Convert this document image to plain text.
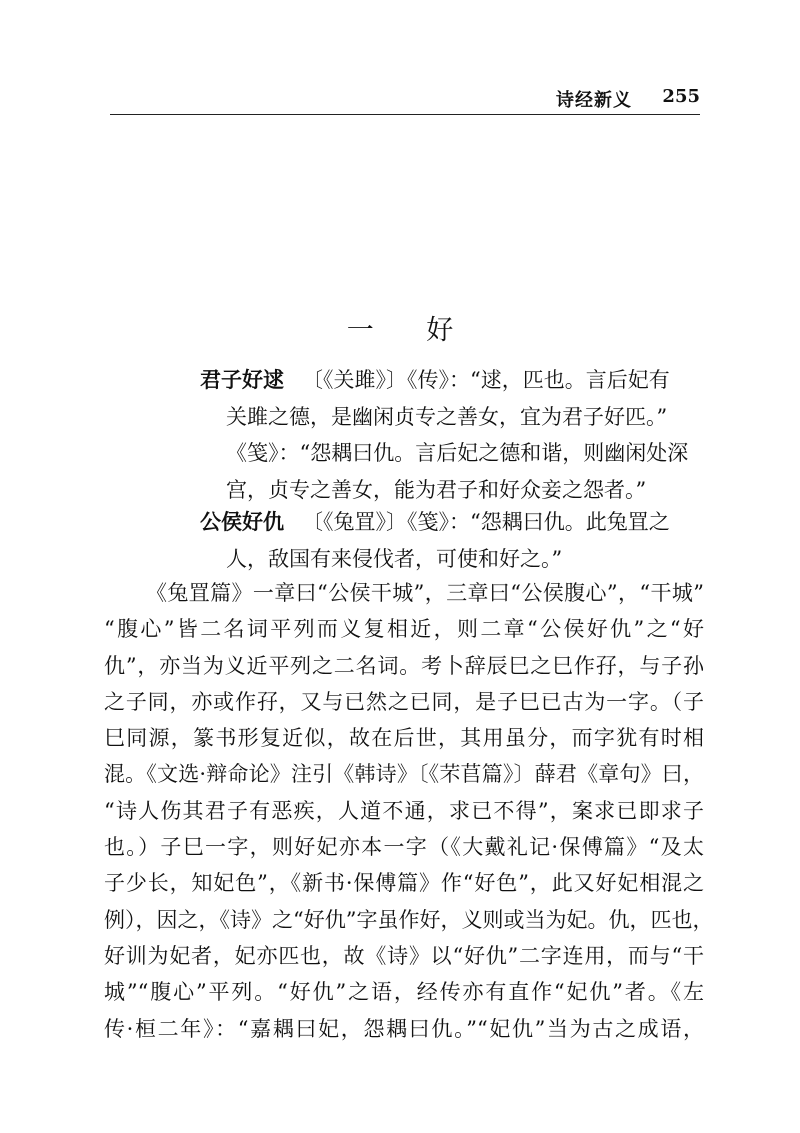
诗经新义 255
一 好
君子好逑 〔《关雎》〕《传》：“逑，匹也。言后妃有
关雎之德，是幽闲贞专之善女，宜为君子好匹。”
《笺》：“怨耦曰仇。言后妃之德和谐，则幽闲处深
宫，贞专之善女，能为君子和好众妾之怨者。”
公侯好仇 〔《兔罝》〕《笺》：“怨耦曰仇。此兔罝之
人，敌国有来侵伐者，可使和好之。”
《兔罝篇》一章曰“公侯干城”，三章曰“公侯腹心”，“干城”
“腹心”皆二名词平列而义复相近，则二章“公侯好仇”之“好
仇”，亦当为义近平列之二名词。考卜辞辰巳之巳作孖，与子孙
之子同，亦或作孖，又与已然之已同，是子巳已古为一字。（子
巳同源，篆书形复近似，故在后世，其用虽分，而字犹有时相
混。《文选·辩命论》注引《韩诗》〔《芣苢篇》〕薛君《章句》曰，
“诗人伤其君子有恶疾，人道不通，求已不得”，案求已即求子
也。）子巳一字，则好妃亦本一字（《大戴礼记·保傅篇》“及太
子少长，知妃色”，《新书·保傅篇》作“好色”，此又好妃相混之
例），因之，《诗》之“好仇”字虽作好，义则或当为妃。仇，匹也，
好训为妃者，妃亦匹也，故《诗》以“好仇”二字连用，而与“干
城”“腹心”平列。“好仇”之语，经传亦有直作“妃仇”者。《左
传·桓二年》：“嘉耦曰妃，怨耦曰仇。”“妃仇”当为古之成语，
